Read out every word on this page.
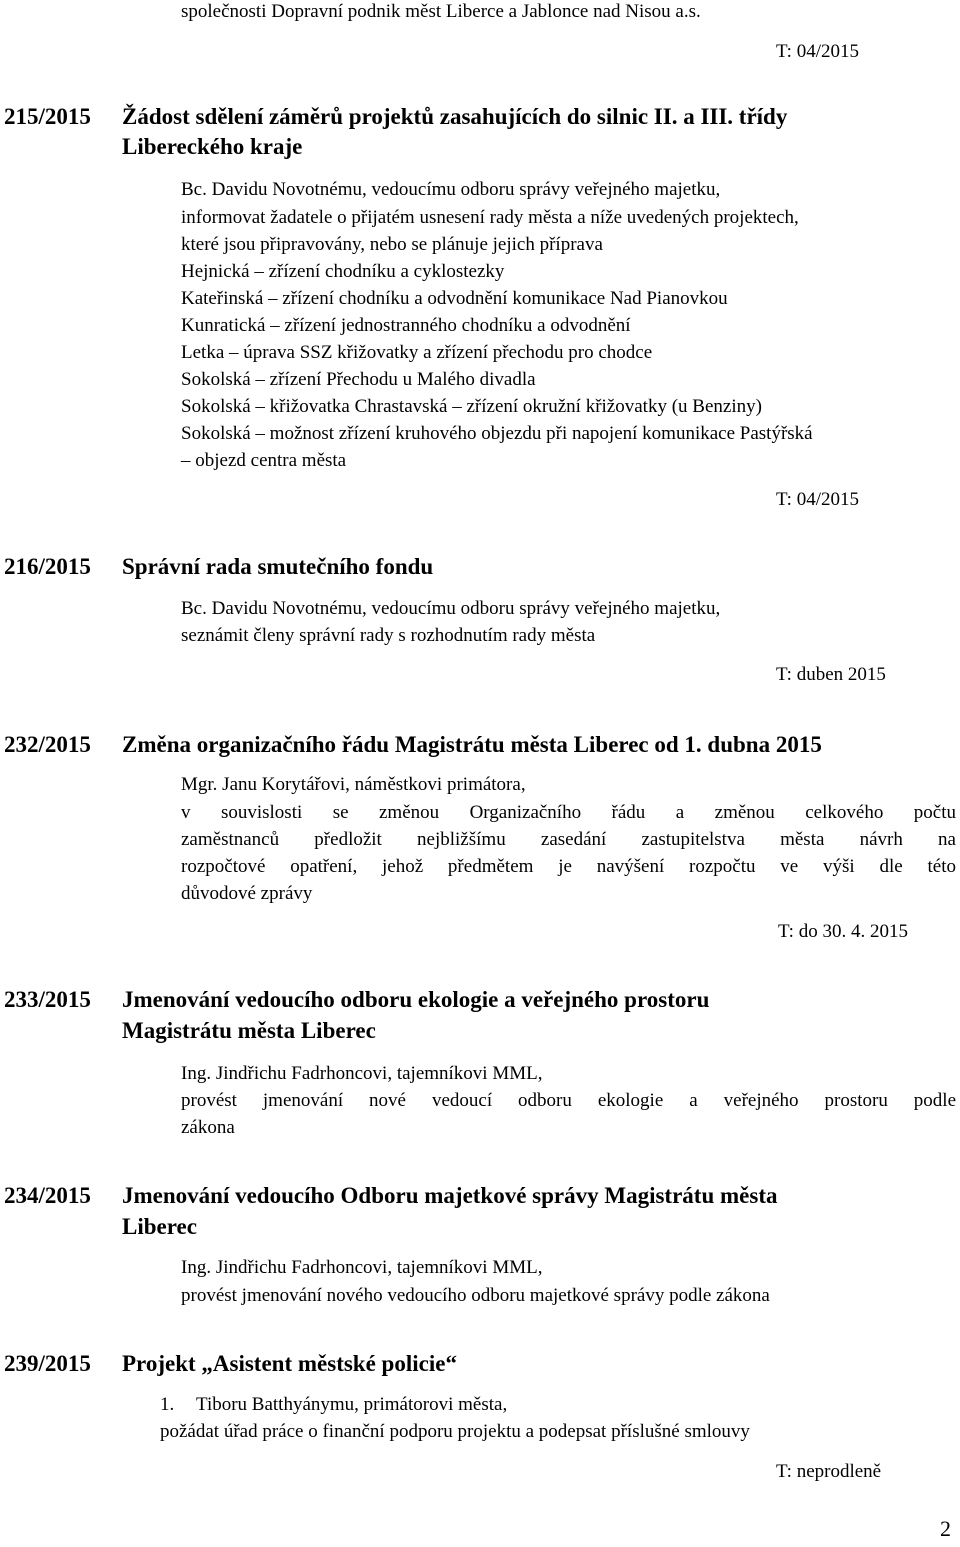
společnosti Dopravní podnik měst Liberce a Jablonce nad Nisou a.s.
T: 04/2015
215/2015 Žádost sdělení záměrů projektů zasahujících do silnic II. a III. třídy
Libereckého kraje
Bc. Davidu Novotnému, vedoucímu odboru správy veřejného majetku,
informovat žadatele o přijatém usnesení rady města a níže uvedených projektech,
které jsou připravovány, nebo se plánuje jejich příprava
Hejnická – zřízení chodníku a cyklostezky
Kateřinská – zřízení chodníku a odvodnění komunikace Nad Pianovkou
Kunratická – zřízení jednostranného chodníku a odvodnění
Letka – úprava SSZ křižovatky a zřízení přechodu pro chodce
Sokolská – zřízení Přechodu u Malého divadla
Sokolská – křižovatka Chrastavská – zřízení okružní křižovatky (u Benziny)
Sokolská – možnost zřízení kruhového objezdu při napojení komunikace Pastýřská
– objezd centra města
T: 04/2015
216/2015 Správní rada smutečního fondu
Bc. Davidu Novotnému, vedoucímu odboru správy veřejného majetku,
seznámit členy správní rady s rozhodnutím rady města
T: duben 2015
232/2015 Změna organizačního řádu Magistrátu města Liberec od 1. dubna 2015
Mgr. Janu Korytářovi, náměstkovi primátora,
v souvislosti se změnou Organizačního řádu a změnou celkového počtu
zaměstnanců předložit nejbližšímu zasedání zastupitelstva města návrh na
rozpočtové opatření, jehož předmětem je navýšení rozpočtu ve výši dle této
důvodové zprávy
T: do 30. 4. 2015
233/2015 Jmenování vedoucího odboru ekologie a veřejného prostoru
Magistrátu města Liberec
Ing. Jindřichu Fadrhoncovi, tajemníkovi MML,
provést jmenování nové vedoucí odboru ekologie a veřejného prostoru podle
zákona
234/2015 Jmenování vedoucího Odboru majetkové správy Magistrátu města
Liberec
Ing. Jindřichu Fadrhoncovi, tajemníkovi MML,
provést jmenování nového vedoucího odboru majetkové správy podle zákona
239/2015 Projekt „Asistent městské policie“
1. Tiboru Batthyánymu, primátorovi města,
požádat úřad práce o finanční podporu projektu a podepsat příslušné smlouvy
T: neprodleně
2
